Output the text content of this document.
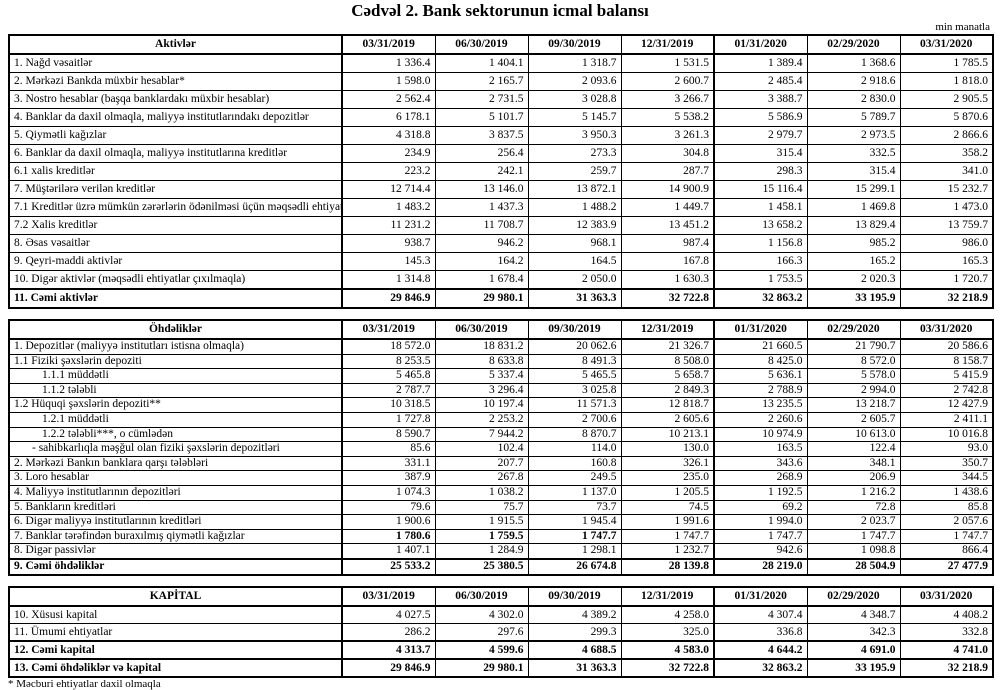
Cədvəl 2. Bank sektorunun icmal balansı
min manatla
Aktivlər	03/31/2019	06/30/2019	09/30/2019	12/31/2019	01/31/2020	02/29/2020	03/31/2020
1. Nağd vəsaitlər	1 336.4	1 404.1	1 318.7	1 531.5	1 389.4	1 368.6	1 785.5
2. Mərkəzi Bankda müxbir hesablar*	1 598.0	2 165.7	2 093.6	2 600.7	2 485.4	2 918.6	1 818.0
3. Nostro hesablar (başqa banklardakı müxbir hesablar)	2 562.4	2 731.5	3 028.8	3 266.7	3 388.7	2 830.0	2 905.5
4. Banklar da daxil olmaqla, maliyyə institutlarındakı depozitlər	6 178.1	5 101.7	5 145.7	5 538.2	5 586.9	5 789.7	5 870.6
5. Qiymətli kağızlar	4 318.8	3 837.5	3 950.3	3 261.3	2 979.7	2 973.5	2 866.6
6. Banklar da daxil olmaqla, maliyyə institutlarına kreditlər	234.9	256.4	273.3	304.8	315.4	332.5	358.2
6.1 xalis kreditlər	223.2	242.1	259.7	287.7	298.3	315.4	341.0
7. Müştərilərə verilən kreditlər	12 714.4	13 146.0	13 872.1	14 900.9	15 116.4	15 299.1	15 232.7
7.1 Kreditlər üzrə mümkün zərərlərin ödənilməsi üçün məqsədli ehtiyat	1 483.2	1 437.3	1 488.2	1 449.7	1 458.1	1 469.8	1 473.0
7.2 Xalis kreditlər	11 231.2	11 708.7	12 383.9	13 451.2	13 658.2	13 829.4	13 759.7
8. Əsas vəsaitlər	938.7	946.2	968.1	987.4	1 156.8	985.2	986.0
9. Qeyri-maddi aktivlər	145.3	164.2	164.5	167.8	166.3	165.2	165.3
10. Digər aktivlər (məqsədli ehtiyatlar çıxılmaqla)	1 314.8	1 678.4	2 050.0	1 630.3	1 753.5	2 020.3	1 720.7
11. Cəmi aktivlər	29 846.9	29 980.1	31 363.3	32 722.8	32 863.2	33 195.9	32 218.9
Öhdəliklər	03/31/2019	06/30/2019	09/30/2019	12/31/2019	01/31/2020	02/29/2020	03/31/2020
1. Depozitlər (maliyyə institutları istisna olmaqla)	18 572.0	18 831.2	20 062.6	21 326.7	21 660.5	21 790.7	20 586.6
1.1 Fiziki şəxslərin depoziti	8 253.5	8 633.8	8 491.3	8 508.0	8 425.0	8 572.0	8 158.7
1.1.1 müddətli	5 465.8	5 337.4	5 465.5	5 658.7	5 636.1	5 578.0	5 415.9
1.1.2 tələbli	2 787.7	3 296.4	3 025.8	2 849.3	2 788.9	2 994.0	2 742.8
1.2 Hüquqi şəxslərin depoziti**	10 318.5	10 197.4	11 571.3	12 818.7	13 235.5	13 218.7	12 427.9
1.2.1 müddətli	1 727.8	2 253.2	2 700.6	2 605.6	2 260.6	2 605.7	2 411.1
1.2.2 tələbli***, o cümlədən	8 590.7	7 944.2	8 870.7	10 213.1	10 974.9	10 613.0	10 016.8
- sahibkarlıqla məşğul olan fiziki şəxslərin depozitləri	85.6	102.4	114.0	130.0	163.5	122.4	93.0
2. Mərkəzi Bankın banklara qarşı tələbləri	331.1	207.7	160.8	326.1	343.6	348.1	350.7
3. Loro hesablar	387.9	267.8	249.5	235.0	268.9	206.9	344.5
4. Maliyyə institutlarının depozitləri	1 074.3	1 038.2	1 137.0	1 205.5	1 192.5	1 216.2	1 438.6
5. Bankların kreditləri	79.6	75.7	73.7	74.5	69.2	72.8	85.8
6. Digər maliyyə institutlarının kreditləri	1 900.6	1 915.5	1 945.4	1 991.6	1 994.0	2 023.7	2 057.6
7. Banklar tərəfindən buraxılmış qiymətli kağızlar	1 780.6	1 759.5	1 747.7	1 747.7	1 747.7	1 747.7	1 747.7
8. Digər passivlər	1 407.1	1 284.9	1 298.1	1 232.7	942.6	1 098.8	866.4
9. Cəmi öhdəliklər	25 533.2	25 380.5	26 674.8	28 139.8	28 219.0	28 504.9	27 477.9
KAPİTAL	03/31/2019	06/30/2019	09/30/2019	12/31/2019	01/31/2020	02/29/2020	03/31/2020
10. Xüsusi kapital	4 027.5	4 302.0	4 389.2	4 258.0	4 307.4	4 348.7	4 408.2
11. Ümumi ehtiyatlar	286.2	297.6	299.3	325.0	336.8	342.3	332.8
12. Cəmi kapital	4 313.7	4 599.6	4 688.5	4 583.0	4 644.2	4 691.0	4 741.0
13. Cəmi öhdəliklər və kapital	29 846.9	29 980.1	31 363.3	32 722.8	32 863.2	33 195.9	32 218.9
* Məcburi ehtiyatlar daxil olmaqla
